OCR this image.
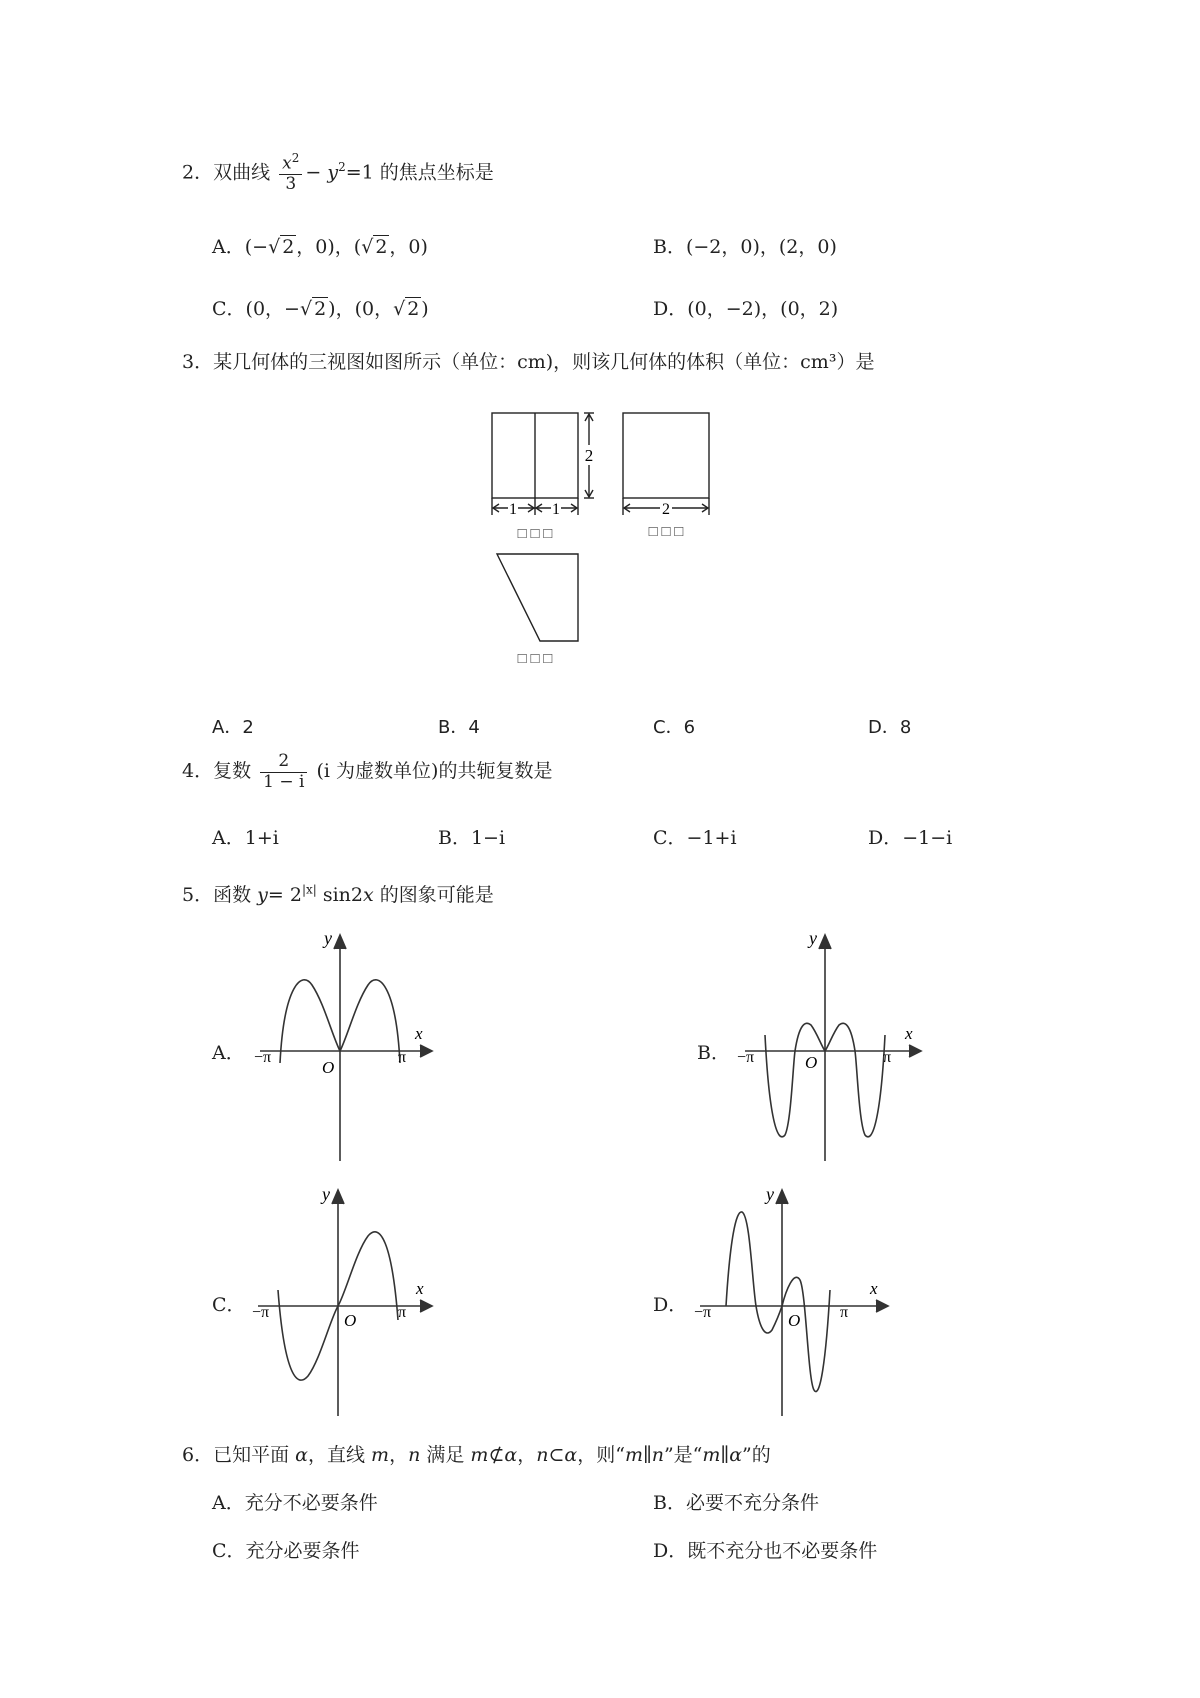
2．双曲线 $\frac{x^2}{3} - y^2=1$ 的焦点坐标是
A．(−√ 2 ，0)，(√ 2 ，0)	B．(−2，0)，(2，0)
C．(0，−√ 2 )，(0，√ 2 )	D．(0，−2)，(0，2)
3．某几何体的三视图如图所示（单位：cm)，则该几何体的体积（单位：cm³）是
2
1 1
□ □ □
2
□ □ □
□ □ □
A．2	B．4	C．6	D．8
4．复数 $\frac{2}{1 - i} (i$ 为虚数单位)的共轭复数是
A．1+i	B．1−i	C．−1+i	D．−1−i
5．函数 $y= 2^{|x|}$ sin2x 的图象可能是
A．
y
x
O
−π	π	B．
y
x
O
−π	π
C．
y
x
O
−π	π	D．
y
x
O
−π	π
6．已知平面 α，直线 m，n 满足 m⊄α，n⊂α，则“m∥n”是“m∥α”的
A．充分不必要条件	B．必要不充分条件
C．充分必要条件	D．既不充分也不必要条件
